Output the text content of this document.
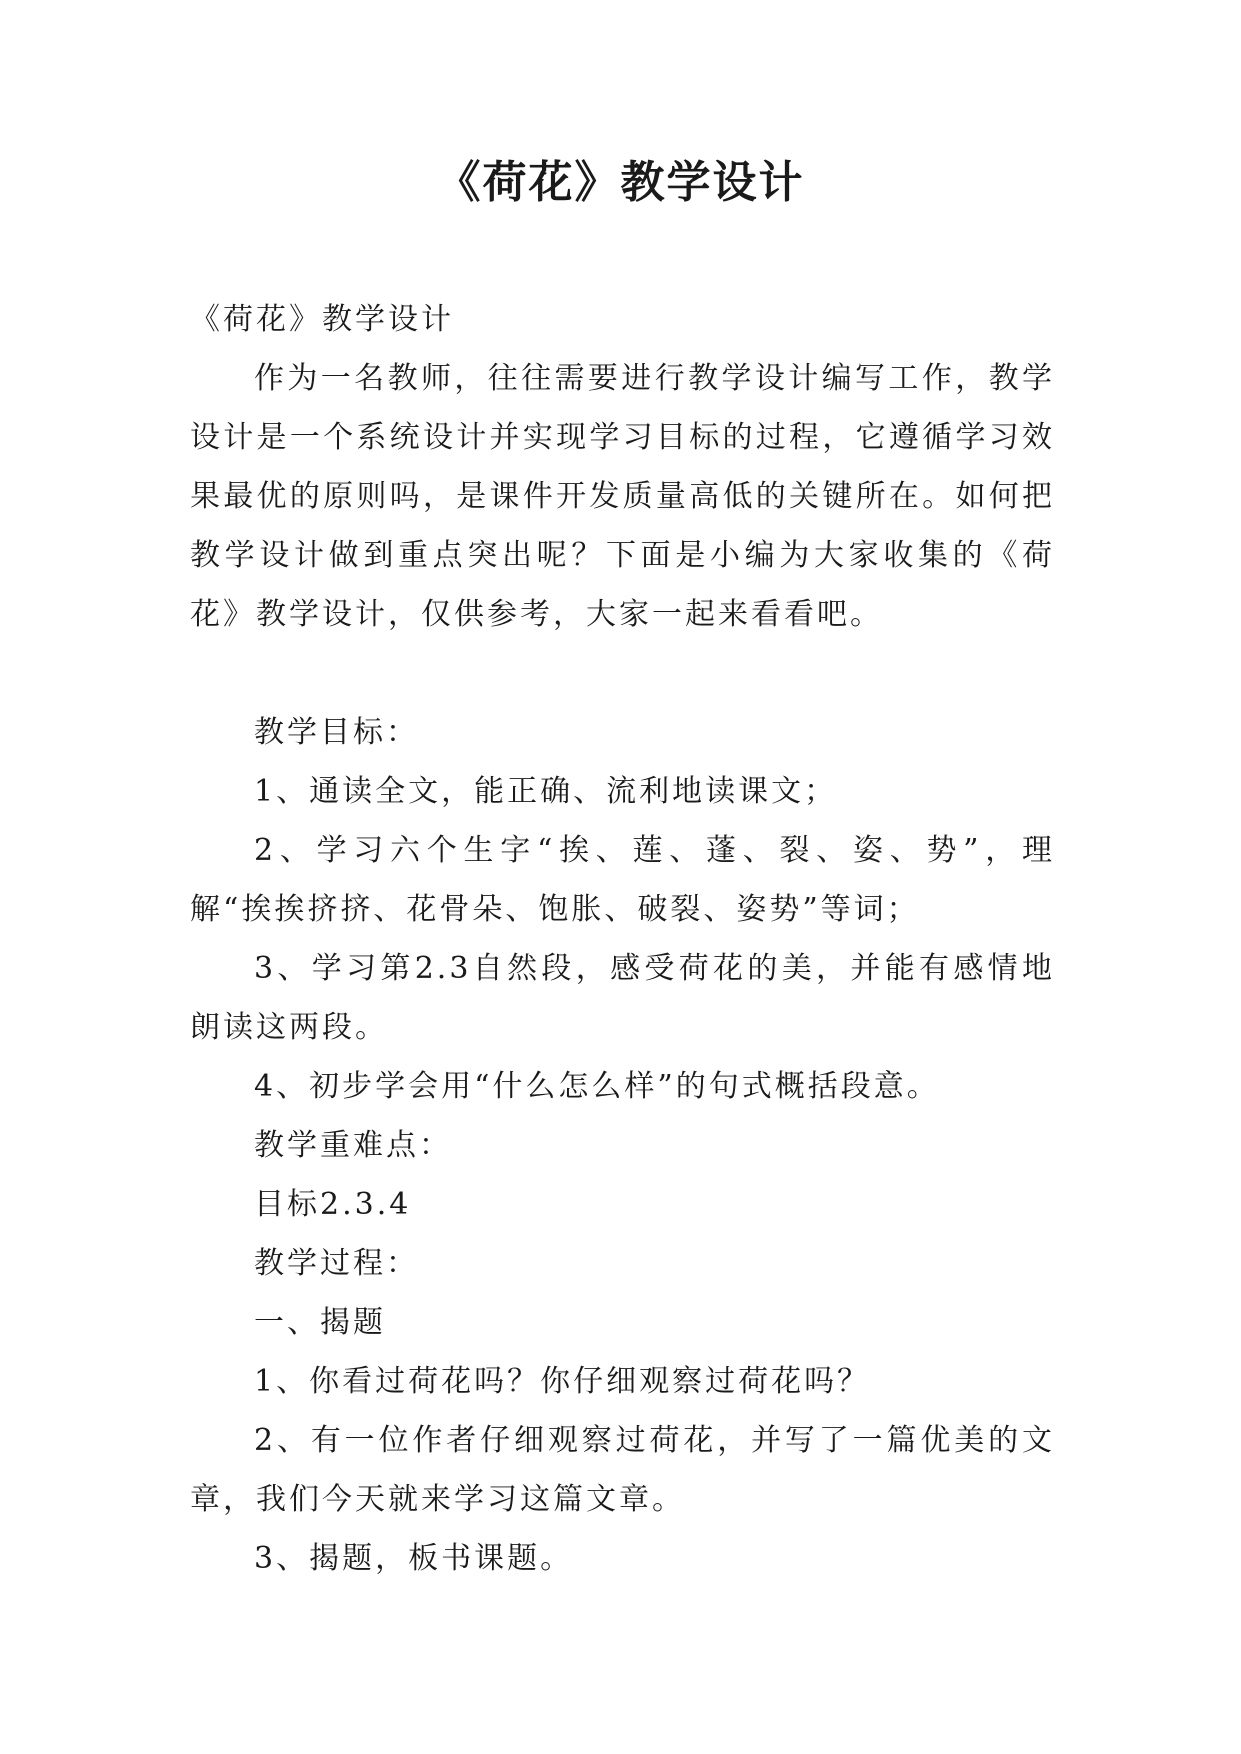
《荷花》教学设计

《荷花》教学设计

作为一名教师，往往需要进行教学设计编写工作，教学设计是一个系统设计并实现学习目标的过程，它遵循学习效果最优的原则吗，是课件开发质量高低的关键所在。如何把教学设计做到重点突出呢？下面是小编为大家收集的《荷花》教学设计，仅供参考，大家一起来看看吧。

教学目标：

1、通读全文，能正确、流利地读课文；

2、学习六个生字“挨、莲、蓬、裂、姿、势”，理解“挨挨挤挤、花骨朵、饱胀、破裂、姿势”等词；

3、学习第2.3自然段，感受荷花的美，并能有感情地朗读这两段。

4、初步学会用“什么怎么样”的句式概括段意。

教学重难点：

目标2.3.4

教学过程：

一、揭题

1、你看过荷花吗？你仔细观察过荷花吗？

2、有一位作者仔细观察过荷花，并写了一篇优美的文章，我们今天就来学习这篇文章。

3、揭题，板书课题。
